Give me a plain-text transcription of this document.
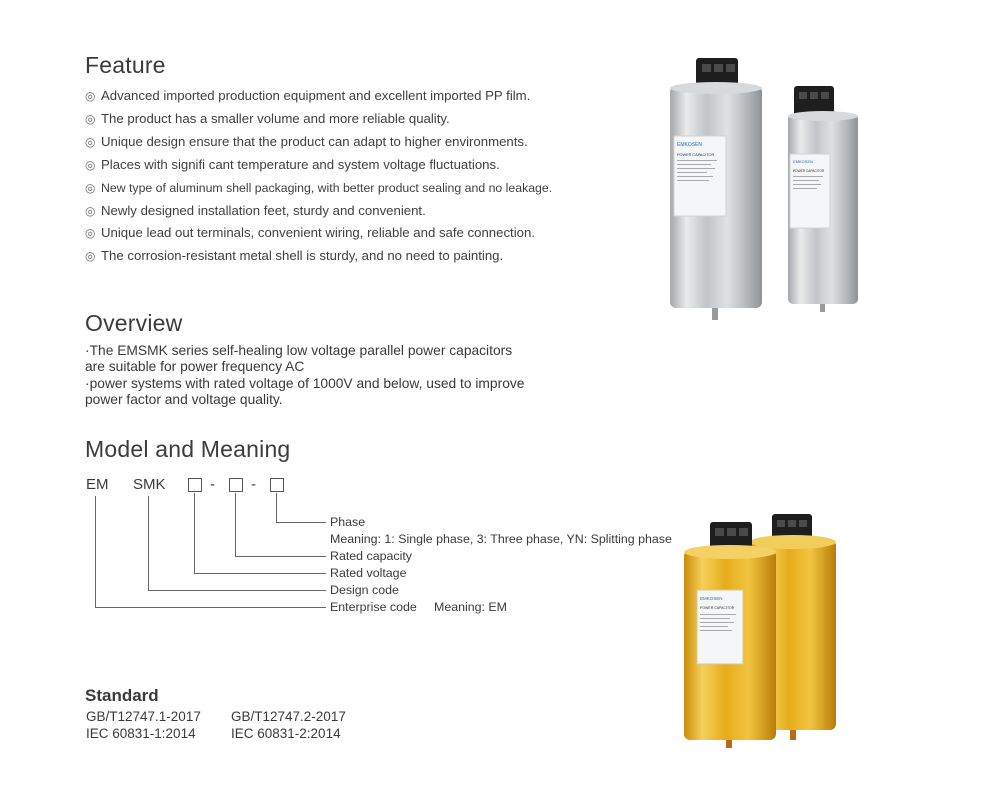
Feature
◎ Advanced imported production equipment and excellent imported PP film.
◎ The product has a smaller volume and more reliable quality.
◎ Unique design ensure that the product can adapt to higher environments.
◎ Places with signifi cant temperature and system voltage fluctuations.
◎ New type of aluminum shell packaging, with better product sealing and no leakage.
◎ Newly designed installation feet, sturdy and convenient.
◎ Unique lead out terminals, convenient wiring, reliable and safe connection.
◎ The corrosion-resistant metal shell is sturdy, and no need to painting.
Overview

·The EMSMK series self-healing low voltage parallel power capacitors are suitable for power frequency AC

·power systems with rated voltage of 1000V and below, used to improve power factor and voltage quality.

Model and Meaning
EM SMK	- -
Phase
Meaning: 1: Single phase, 3: Three phase, YN: Splitting phase
Rated capacity
Rated voltage
Design code
Enterprise code     Meaning: EM
Standard
GB/T12747.1-2017 GB/T12747.2-2017
IEC 60831-1:2014	IEC 60831-2:2014
EMKOSEN
POWER CAPACITOR
EMKOSEN
POWER CAPACITOR
EMKOSEN
POWER CAPACITOR
